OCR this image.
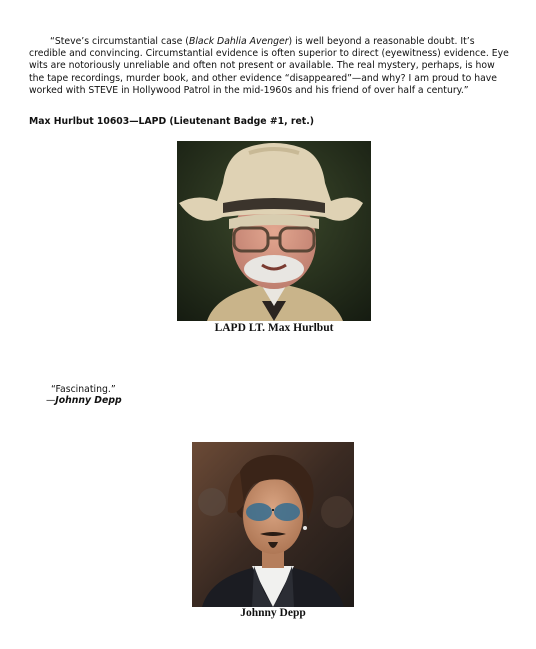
“Steve’s circumstantial case (Black Dahlia Avenger) is well beyond a reasonable doubt. It’s credible and convincing. Circumstantial evidence is often superior to direct (eyewitness) evidence. Eye wits are notoriously unreliable and often not present or available. The real mystery, perhaps, is how the tape recordings, murder book, and other evidence “disappeared”—and why? I am proud to have worked with STEVE in Hollywood Patrol in the mid-1960s and his friend of over half a century.”

Max Hurlbut 10603—LAPD (Lieutenant Badge #1, ret.)

LAPD LT. Max Hurlbut

“Fascinating.”

—Johnny Depp

Johnny Depp
